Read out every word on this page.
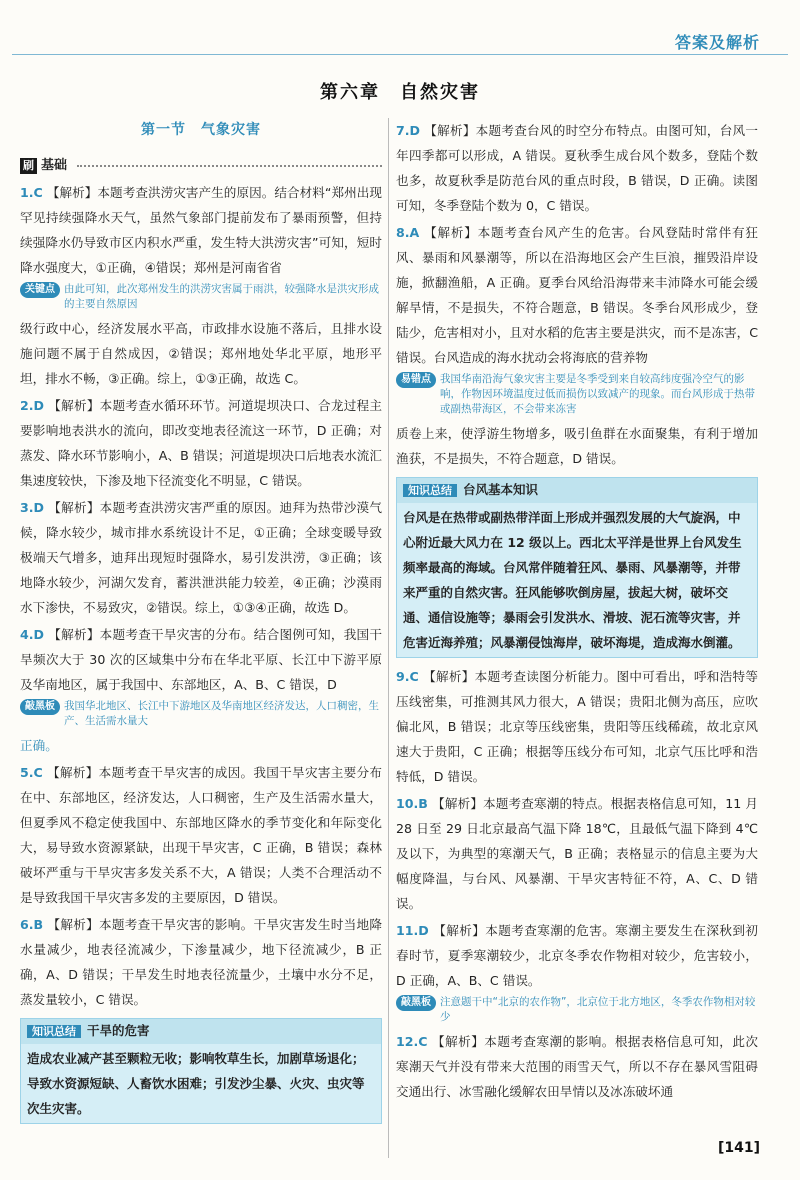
答案及解析
第六章　自然灾害
第一节　气象灾害
刷 基础
1.C 【解析】本题考查洪涝灾害产生的原因。结合材料“郑州出现罕见持续强降水天气，虽然气象部门提前发布了暴雨预警，但持续强降水仍导致市区内积水严重，发生特大洪涝灾害”可知，短时降水强度大，①正确，④错误；郑州是河南省省
关键点 由此可知，此次郑州发生的洪涝灾害属于雨洪，较强降水是洪灾形成的主要自然原因
级行政中心，经济发展水平高，市政排水设施不落后，且排水设施问题不属于自然成因，②错误；郑州地处华北平原，地形平坦，排水不畅，③正确。综上，①③正确，故选 C。
2.D 【解析】本题考查水循环环节。河道堤坝决口、合龙过程主要影响地表洪水的流向，即改变地表径流这一环节，D 正确；对蒸发、降水环节影响小，A、B 错误；河道堤坝决口后地表水流汇集速度较快，下渗及地下径流变化不明显，C 错误。
3.D 【解析】本题考查洪涝灾害严重的原因。迪拜为热带沙漠气候，降水较少，城市排水系统设计不足，①正确；全球变暖导致极端天气增多，迪拜出现短时强降水，易引发洪涝，③正确；该地降水较少，河湖欠发育，蓄洪泄洪能力较差，④正确；沙漠雨水下渗快，不易致灾，②错误。综上，①③④正确，故选 D。
4.D 【解析】本题考查干旱灾害的分布。结合图例可知，我国干旱频次大于 30 次的区域集中分布在华北平原、长江中下游平原及华南地区，属于我国中、东部地区，A、B、C 错误，D
敲黑板 我国华北地区、长江中下游地区及华南地区经济发达，人口稠密，生产、生活需水量大
正确。
5.C 【解析】本题考查干旱灾害的成因。我国干旱灾害主要分布在中、东部地区，经济发达，人口稠密，生产及生活需水量大，但夏季风不稳定使我国中、东部地区降水的季节变化和年际变化大，易导致水资源紧缺，出现干旱灾害，C 正确，B 错误；森林破坏严重与干旱灾害多发关系不大，A 错误；人类不合理活动不是导致我国干旱灾害多发的主要原因，D 错误。
6.B 【解析】本题考查干旱灾害的影响。干旱灾害发生时当地降水量减少，地表径流减少，下渗量减少，地下径流减少，B 正确，A、D 错误；干旱发生时地表径流量少，土壤中水分不足，蒸发量较小，C 错误。
知识总结 干旱的危害
造成农业减产甚至颗粒无收；影响牧草生长，加剧草场退化；导致水资源短缺、人畜饮水困难；引发沙尘暴、火灾、虫灾等次生灾害。
7.D 【解析】本题考查台风的时空分布特点。由图可知，台风一年四季都可以形成，A 错误。夏秋季生成台风个数多，登陆个数也多，故夏秋季是防范台风的重点时段，B 错误，D 正确。读图可知，冬季登陆个数为 0，C 错误。
8.A 【解析】本题考查台风产生的危害。台风登陆时常伴有狂风、暴雨和风暴潮等，所以在沿海地区会产生巨浪，摧毁沿岸设施，掀翻渔船，A 正确。夏季台风给沿海带来丰沛降水可能会缓解旱情，不是损失，不符合题意，B 错误。冬季台风形成少，登陆少，危害相对小，且对水稻的危害主要是洪灾，而不是冻害，C 错误。台风造成的海水扰动会将海底的营养物
易错点 我国华南沿海气象灾害主要是冬季受到来自较高纬度强冷空气的影响，作物因环境温度过低而损伤以致减产的现象。而台风形成于热带或副热带海区，不会带来冻害
质卷上来，使浮游生物增多，吸引鱼群在水面聚集，有利于增加渔获，不是损失，不符合题意，D 错误。
知识总结 台风基本知识
台风是在热带或副热带洋面上形成并强烈发展的大气旋涡，中心附近最大风力在 12 级以上。西北太平洋是世界上台风发生频率最高的海域。台风常伴随着狂风、暴雨、风暴潮等，并带来严重的自然灾害。狂风能够吹倒房屋，拔起大树，破坏交通、通信设施等；暴雨会引发洪水、滑坡、泥石流等灾害，并危害近海养殖；风暴潮侵蚀海岸，破坏海堤，造成海水倒灌。
9.C 【解析】本题考查读图分析能力。图中可看出，呼和浩特等压线密集，可推测其风力很大，A 错误；贵阳北侧为高压，应吹偏北风，B 错误；北京等压线密集，贵阳等压线稀疏，故北京风速大于贵阳，C 正确；根据等压线分布可知，北京气压比呼和浩特低，D 错误。
10.B 【解析】本题考查寒潮的特点。根据表格信息可知，11 月 28 日至 29 日北京最高气温下降 18℃，且最低气温下降到 4℃及以下，为典型的寒潮天气，B 正确；表格显示的信息主要为大幅度降温，与台风、风暴潮、干旱灾害特征不符，A、C、D 错误。
11.D 【解析】本题考查寒潮的危害。寒潮主要发生在深秋到初春时节，夏季寒潮较少，北京冬季农作物相对较少，危害较小，D 正确，A、B、C 错误。
敲黑板 注意题干中“北京的农作物”，北京位于北方地区，冬季农作物相对较少
12.C 【解析】本题考查寒潮的影响。根据表格信息可知，此次寒潮天气并没有带来大范围的雨雪天气，所以不存在暴风雪阻碍交通出行、冰雪融化缓解农田旱情以及冰冻破坏通
[141]
